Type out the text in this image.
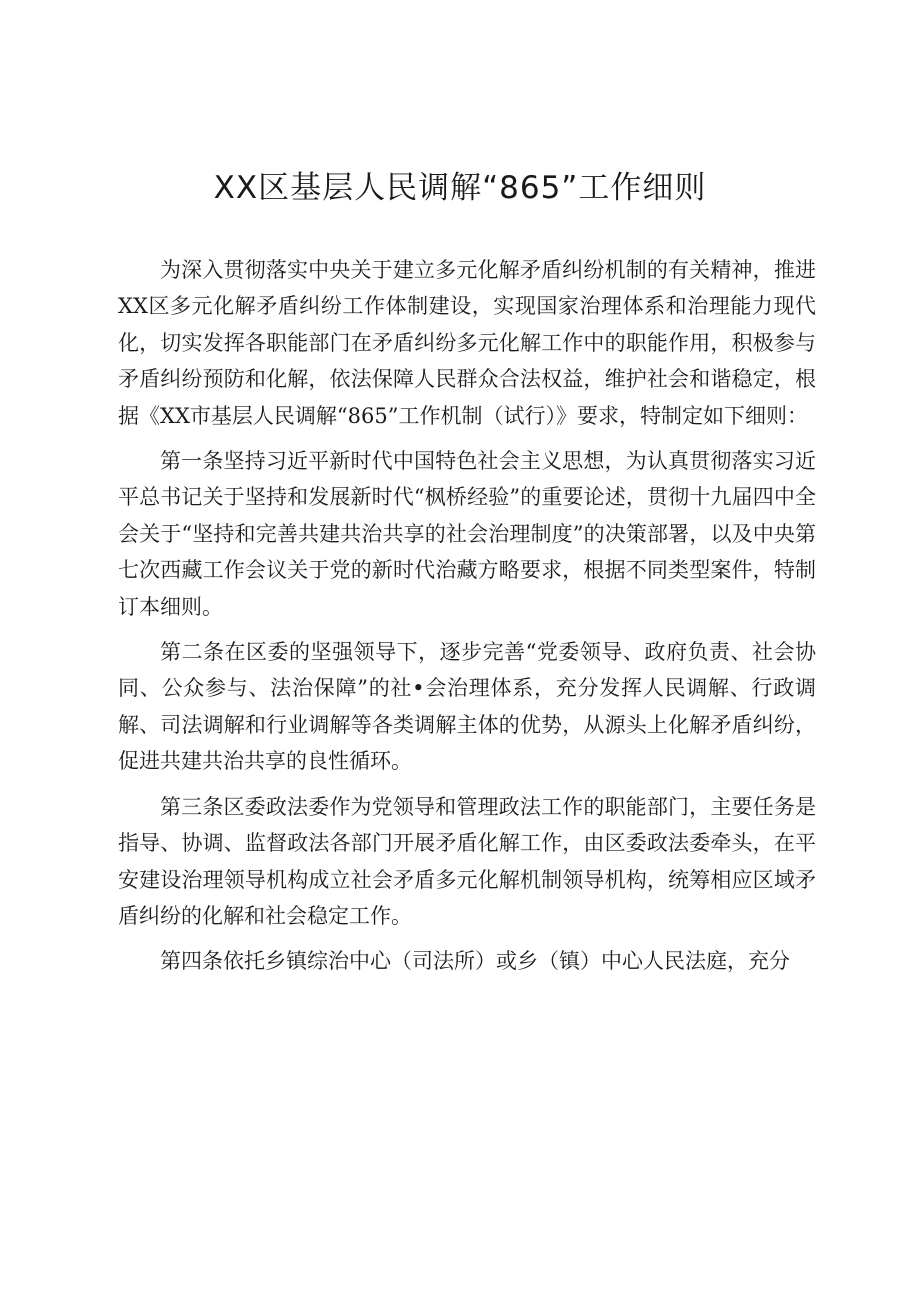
XX区基层人民调解“865”工作细则

为深入贯彻落实中央关于建立多元化解矛盾纠纷机制的有关精神，推进XX区多元化解矛盾纠纷工作体制建设，实现国家治理体系和治理能力现代化，切实发挥各职能部门在矛盾纠纷多元化解工作中的职能作用，积极参与矛盾纠纷预防和化解，依法保障人民群众合法权益，维护社会和谐稳定，根据《XX市基层人民调解“865”工作机制（试行）》要求，特制定如下细则：

第一条坚持习近平新时代中国特色社会主义思想，为认真贯彻落实习近平总书记关于坚持和发展新时代“枫桥经验”的重要论述，贯彻十九届四中全会关于“坚持和完善共建共治共享的社会治理制度”的决策部署，以及中央第七次西藏工作会议关于党的新时代治藏方略要求，根据不同类型案件，特制订本细则。

第二条在区委的坚强领导下，逐步完善“党委领导、政府负责、社会协同、公众参与、法治保障”的社•会治理体系，充分发挥人民调解、行政调解、司法调解和行业调解等各类调解主体的优势，从源头上化解矛盾纠纷，促进共建共治共享的良性循环。

第三条区委政法委作为党领导和管理政法工作的职能部门，主要任务是指导、协调、监督政法各部门开展矛盾化解工作，由区委政法委牵头，在平安建设治理领导机构成立社会矛盾多元化解机制领导机构，统筹相应区域矛盾纠纷的化解和社会稳定工作。

第四条依托乡镇综治中心（司法所）或乡（镇）中心人民法庭，充分
